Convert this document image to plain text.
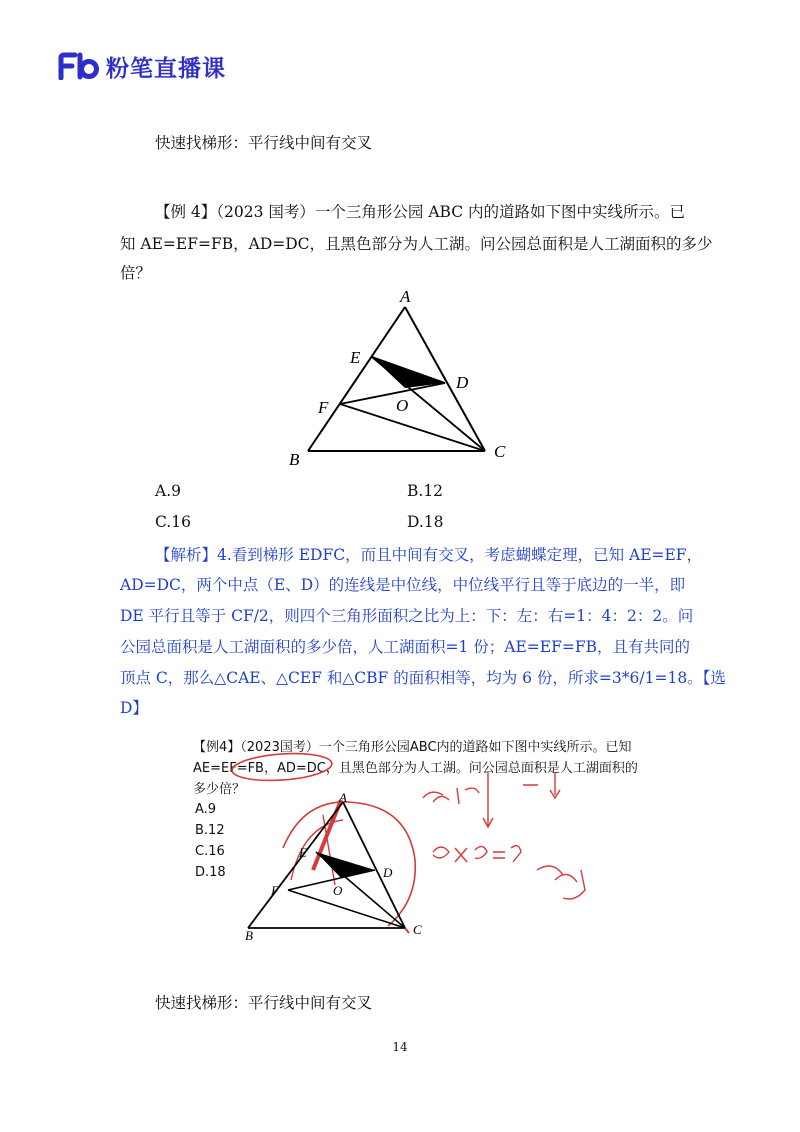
粉笔直播课
快速找梯形：平行线中间有交叉
【例 4】（2023 国考）一个三角形公园 ABC 内的道路如下图中实线所示。已
知 AE=EF=FB，AD=DC，且黑色部分为人工湖。问公园总面积是人工湖面积的多少
倍？
A
E
D
F	O
B	C
A.9	B.12
C.16	D.18
【解析】4.看到梯形 EDFC，而且中间有交叉，考虑蝴蝶定理，已知 AE=EF，
AD=DC，两个中点（E、D）的连线是中位线，中位线平行且等于底边的一半，即
DE 平行且等于 CF/2，则四个三角形面积之比为上：下：左：右=1：4：2：2。问
公园总面积是人工湖面积的多少倍，人工湖面积=1 份；AE=EF=FB，且有共同的
顶点 C，那么△CAE、△CEF 和△CBF 的面积相等，均为 6 份，所求=3*6/1=18。【选
D】
【例4】（2023国考）一个三角形公园ABC内的道路如下图中实线所示。已知
AE=EF=FB，AD=DC，且黑色部分为人工湖。问公园总面积是人工湖面积的
多少倍？
A.9
B.12
C.16
D.18
A
E
D
F	O
B	C
快速找梯形：平行线中间有交叉
14
